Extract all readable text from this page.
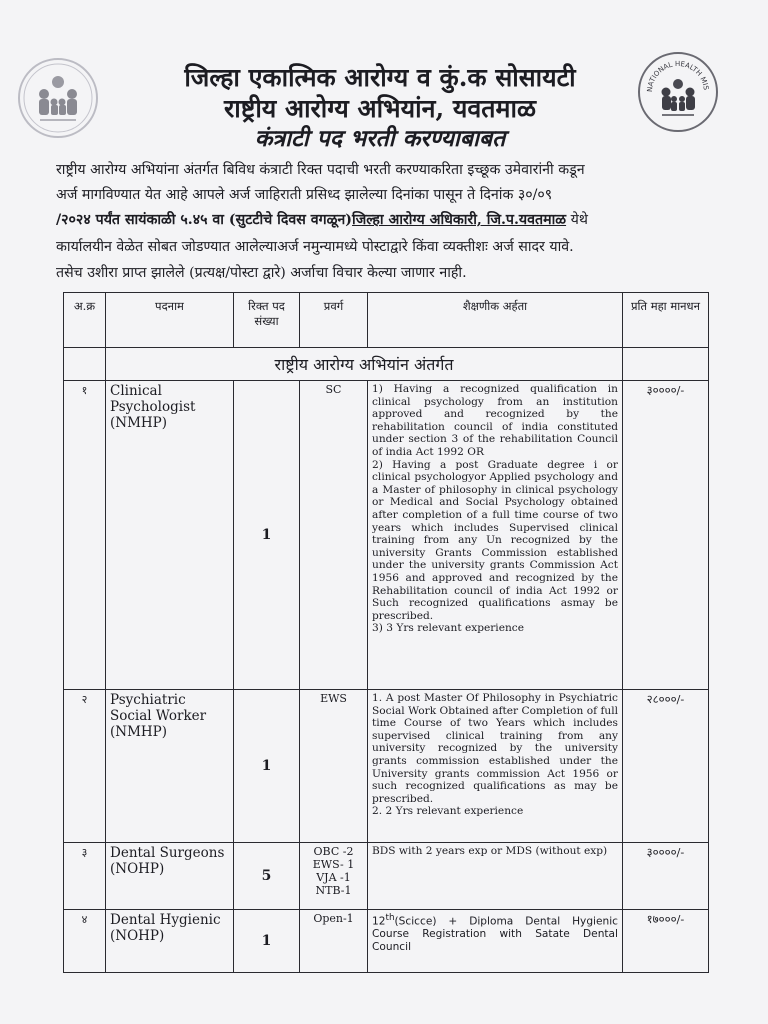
NATIONAL HEALTH MIS
जिल्हा एकात्मिक आरोग्य व कुं.क सोसायटी
राष्ट्रीय आरोग्य अभियांन, यवतमाळ
कंत्राटी पद भरती करण्याबाबत
राष्ट्रीय आरोग्य अभियांना अंतर्गत बिविध कंत्राटी रिक्त पदाची भरती करण्याकरिता इच्छूक उमेवारांनी कडून
अर्ज मागविण्यात येत आहे आपले अर्ज जाहिराती प्रसिध्द झालेल्या दिनांका पासून ते दिनांक ३०/०९
/२०२४ पर्यंत सायंकाळी ५.४५ वा (सुटटीचे दिवस वगळून)जिल्हा आरोग्य अधिकारी, जि.प.यवतमाळ येथे
कार्यालयीन वेळेत सोबत जोडण्यात आलेल्याअर्ज नमुन्यामध्ये पोस्टाद्वारे किंवा व्यक्तीशः अर्ज सादर यावे.
तसेच उशीरा प्राप्त झालेले (प्रत्यक्ष/पोस्टा द्वारे) अर्जाचा विचार केल्या जाणार नाही.
अ.क्र	पदनाम	रिक्त पद संख्या	प्रवर्ग	शैक्षणीक अर्हता	प्रति महा मानधन
	राष्ट्रीय आरोग्य अभियांन अंतर्गत				
१	Clinical Psychologist (NMHP)	1	SC	1) Having a recognized qualification in clinical psychology from an institution approved and recognized by the rehabilitation council of india constituted under section 3 of the rehabilitation Council of india Act 1992 OR
2) Having a post Graduate degree i or clinical psychologyor Applied psychology and a Master of philosophy in clinical psychology or Medical and Social Psychology obtained after completion of a full time course of two years which includes Supervised clinical training from any Un recognized by the university Grants Commission established under the university grants Commission Act 1956 and approved and recognized by the Rehabilitation council of india Act 1992 or Such recognized qualifications asmay be prescribed.
3) 3 Yrs relevant experience	३००००/-
२	Psychiatric Social Worker (NMHP)	1	EWS	1. A post Master Of Philosophy in Psychiatric Social Work Obtained after Completion of full time Course of two Years which includes supervised clinical training from any university recognized by the university grants commission established under the University grants commission Act 1956 or such recognized qualifications as may be prescribed.
2. 2 Yrs relevant experience	२८०००/-
३	Dental Surgeons (NOHP)	5	OBC -2
EWS- 1
VJA -1
NTB-1	BDS with 2 years exp or MDS (without exp)	३००००/-
४	Dental Hygienic (NOHP)	1	Open-1	12th(Scicce) + Diploma Dental Hygienic Course Registration with Satate Dental Council	१७०००/-
